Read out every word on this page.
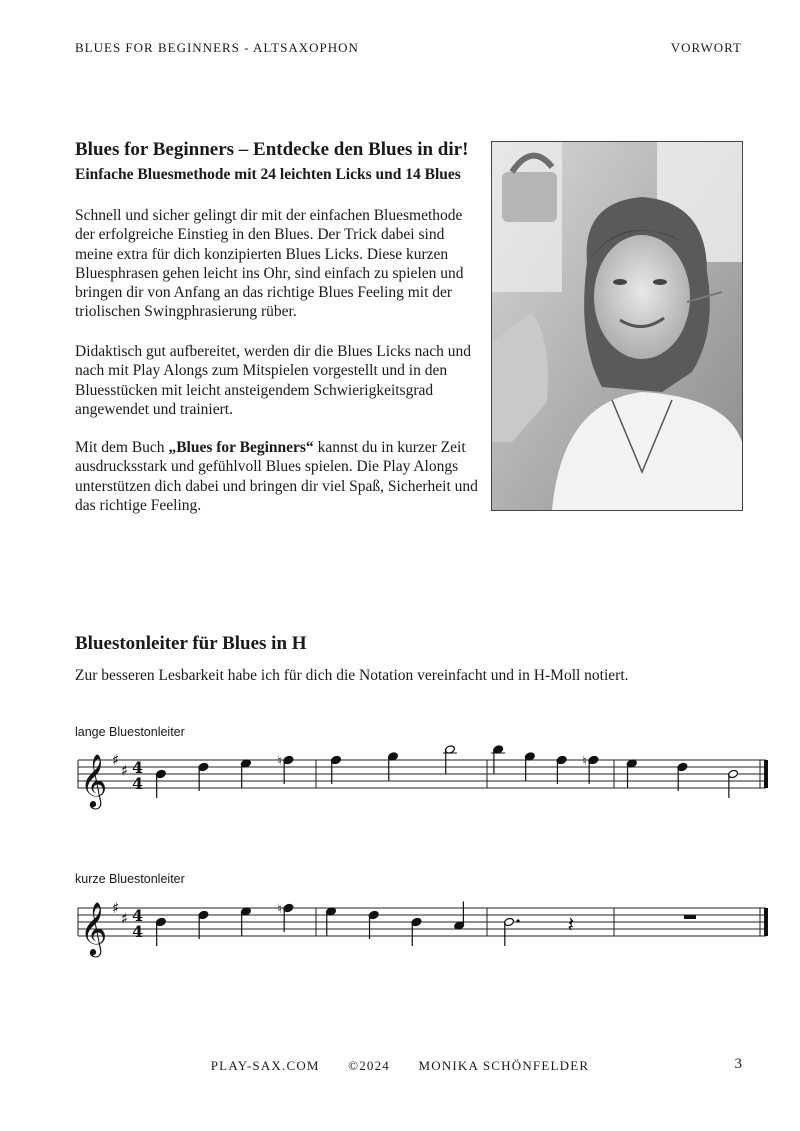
BLUES FOR BEGINNERS - ALTSAXOPHON	VORWORT
Blues for Beginners – Entdecke den Blues in dir!
Einfache Bluesmethode mit 24 leichten Licks und 14 Blues

Schnell und sicher gelingt dir mit der einfachen Bluesmethode der erfolgreiche Einstieg in den Blues. Der Trick dabei sind meine extra für dich konzipierten Blues Licks. Diese kurzen Bluesphrasen gehen leicht ins Ohr, sind einfach zu spielen und bringen dir von Anfang an das richtige Blues Feeling mit der triolischen Swingphrasierung rüber.

Didaktisch gut aufbereitet, werden dir die Blues Licks nach und nach mit Play Alongs zum Mitspielen vorgestellt und in den Bluesstücken mit leicht ansteigendem Schwierigkeitsgrad angewendet und trainiert.

Mit dem Buch „Blues for Beginners“ kannst du in kurzer Zeit ausdrucksstark und gefühlvoll Blues spielen. Die Play Alongs unterstützen dich dabei und bringen dir viel Spaß, Sicherheit und das richtige Feeling.

Bluestonleiter für Blues in H
Zur besseren Lesbarkeit habe ich für dich die Notation vereinfacht und in H-Moll notiert.
lange Bluestonleiter
𝄞 ♯
♯ 4
4
♮	♮
kurze Bluestonleiter
𝄞 ♯
♯ 4
4
♮
𝄽
PLAY-SAX.COM ©2024 MONIKA SCHÖNFELDER	3
